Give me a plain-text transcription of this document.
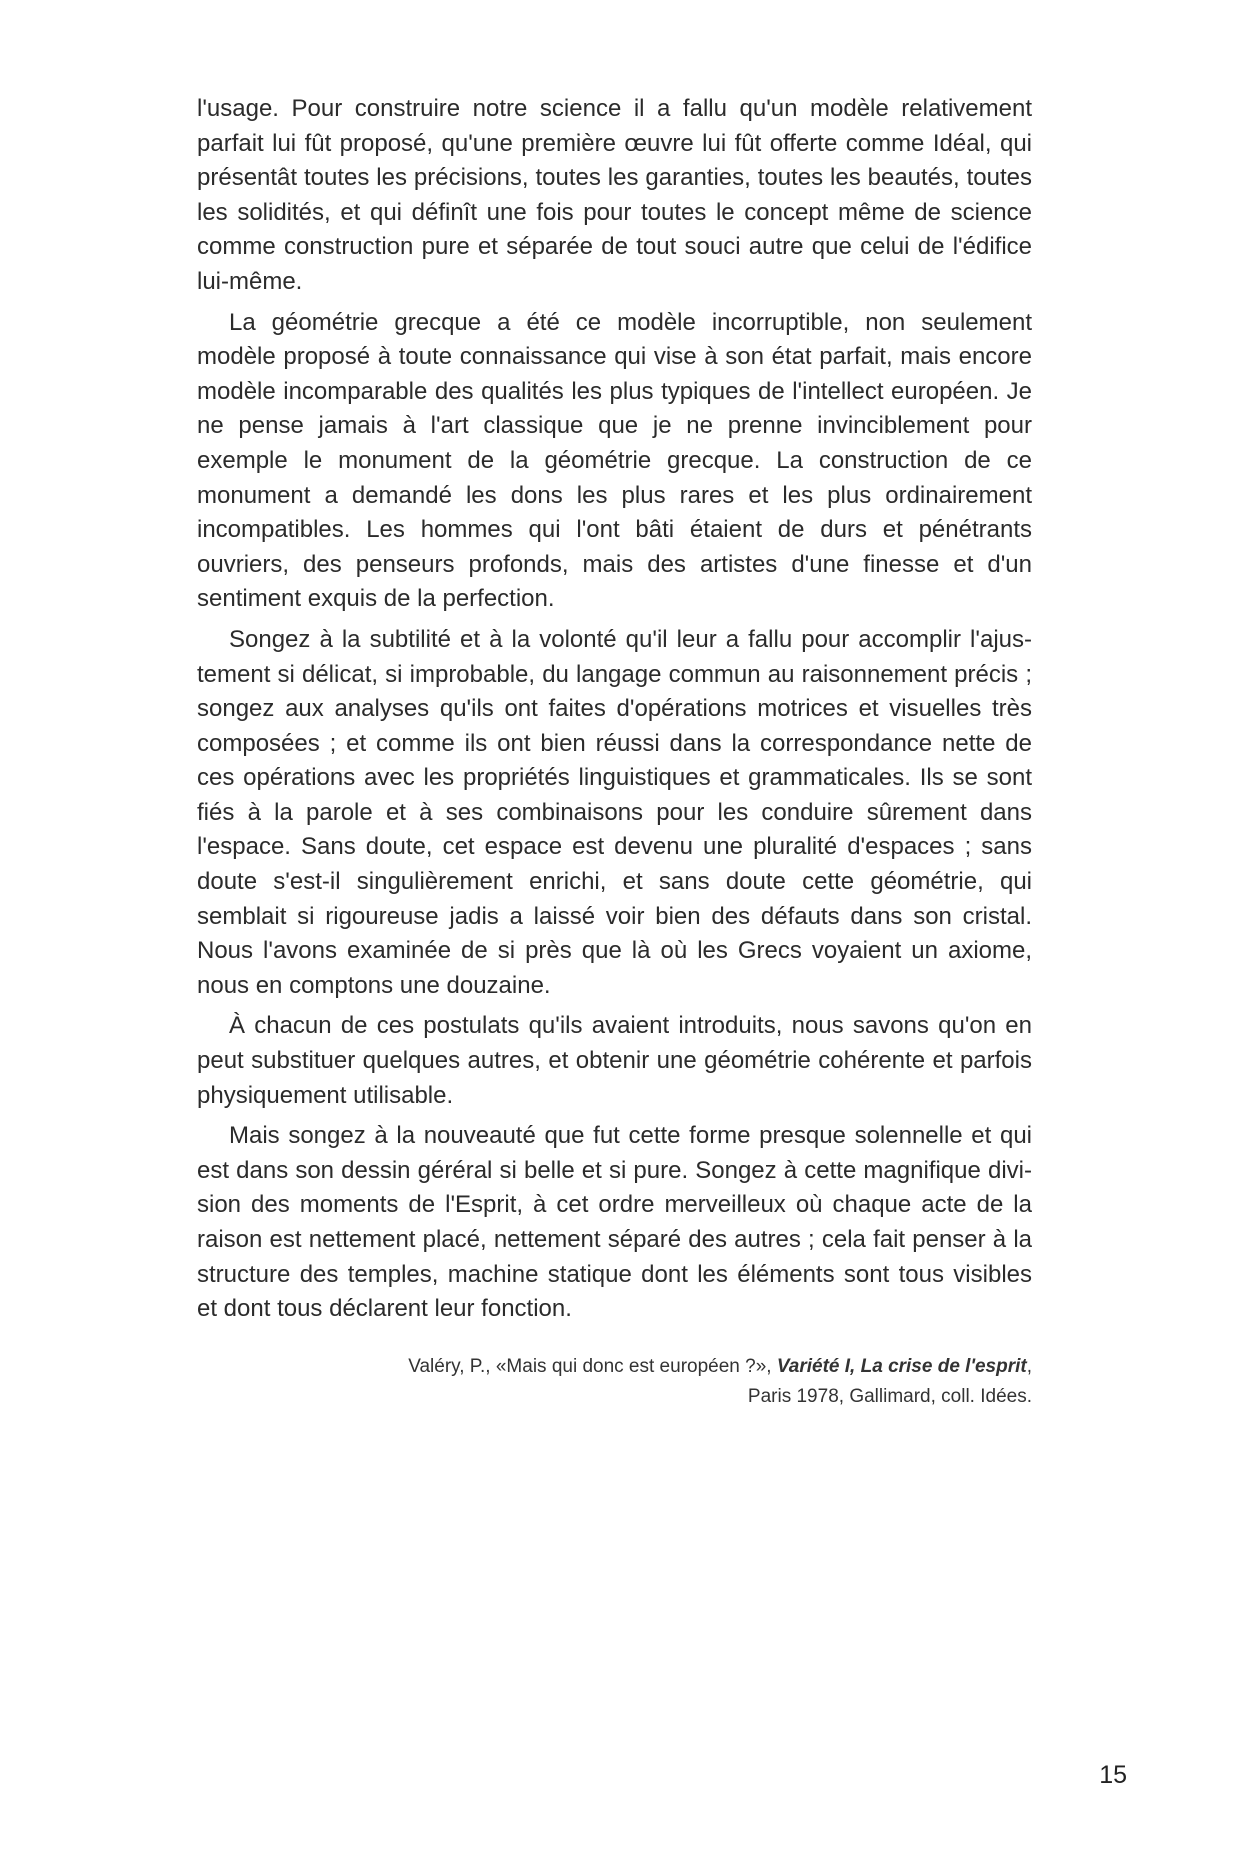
l'usage. Pour construire notre science il a fallu qu'un modèle relativement parfait lui fût proposé, qu'une première œuvre lui fût offerte comme Idéal, qui présentât toutes les précisions, toutes les garanties, toutes les beautés, toutes les solidités, et qui définît une fois pour toutes le concept même de science comme construction pure et séparée de tout souci autre que celui de l'édifice lui-même.

La géométrie grecque a été ce modèle incorruptible, non seulement modèle proposé à toute connaissance qui vise à son état parfait, mais encore modèle incomparable des qualités les plus typiques de l'intellect européen. Je ne pense jamais à l'art classique que je ne prenne invinciblement pour exemple le monument de la géométrie grecque. La construction de ce monument a demandé les dons les plus rares et les plus ordinairement incompatibles. Les hommes qui l'ont bâti étaient de durs et pénétrants ouvriers, des penseurs profonds, mais des artistes d'une finesse et d'un sentiment exquis de la perfection.

Songez à la subtilité et à la volonté qu'il leur a fallu pour accomplir l'ajustement si délicat, si improbable, du langage commun au raisonnement précis ; songez aux analyses qu'ils ont faites d'opérations motrices et visuelles très composées ; et comme ils ont bien réussi dans la correspondance nette de ces opérations avec les propriétés linguistiques et grammaticales. Ils se sont fiés à la parole et à ses combinaisons pour les conduire sûrement dans l'espace. Sans doute, cet espace est devenu une pluralité d'espaces ; sans doute s'est-il singulièrement enrichi, et sans doute cette géométrie, qui semblait si rigoureuse jadis a laissé voir bien des défauts dans son cristal. Nous l'avons examinée de si près que là où les Grecs voyaient un axiome, nous en comptons une douzaine.

À chacun de ces postulats qu'ils avaient introduits, nous savons qu'on en peut substituer quelques autres, et obtenir une géométrie cohérente et parfois physiquement utilisable.

Mais songez à la nouveauté que fut cette forme presque solennelle et qui est dans son dessin géréral si belle et si pure. Songez à cette magnifique division des moments de l'Esprit, à cet ordre merveilleux où chaque acte de la raison est nettement placé, nettement séparé des autres ; cela fait penser à la structure des temples, machine statique dont les éléments sont tous visibles et dont tous déclarent leur fonction.

Valéry, P., «Mais qui donc est européen ?», Variété I, La crise de l'esprit,
Paris 1978, Gallimard, coll. Idées.
15
